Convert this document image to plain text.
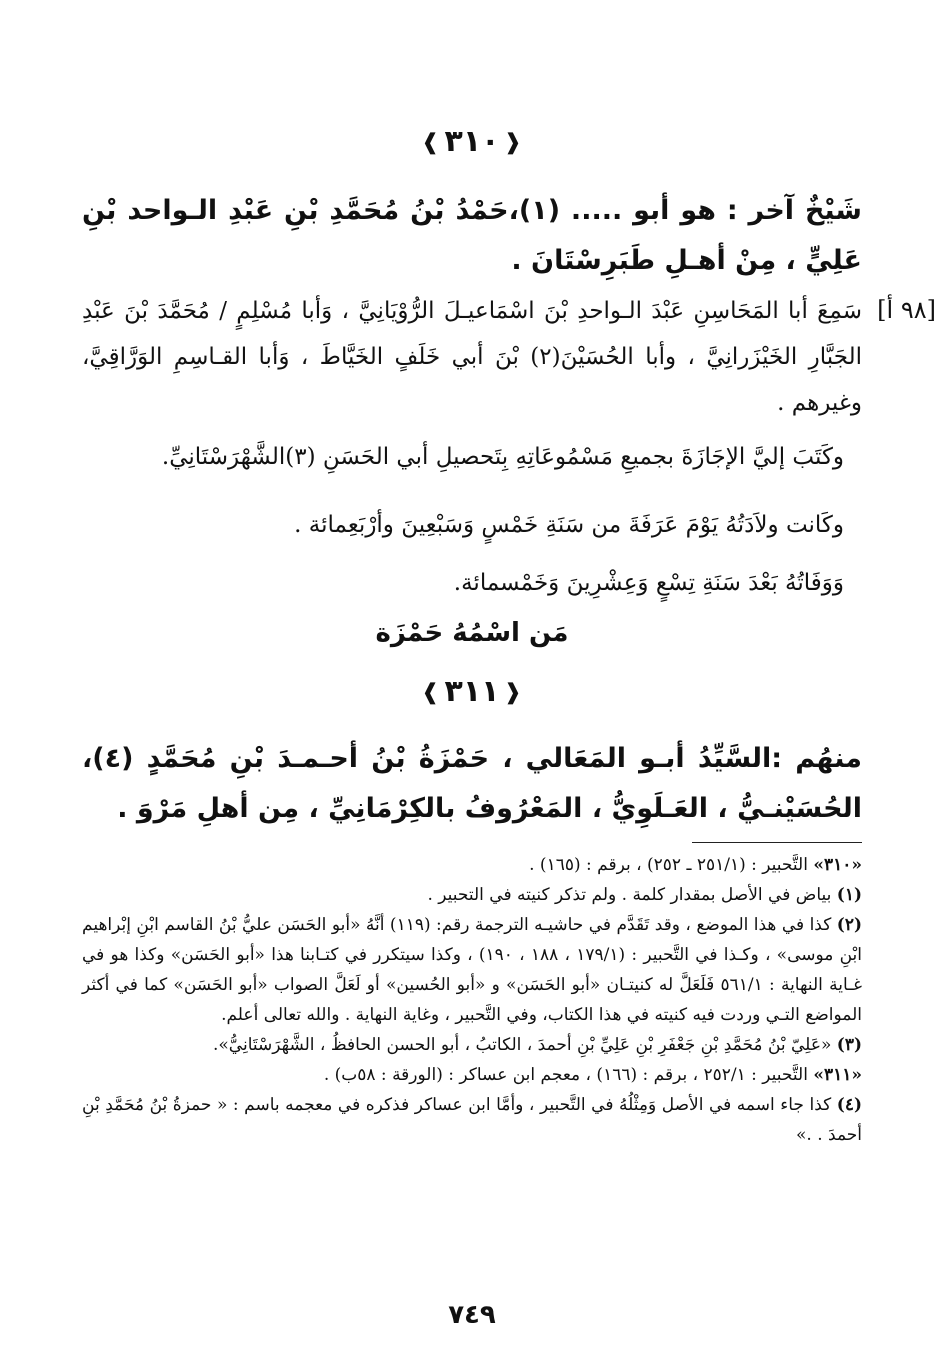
❰٣١٠❱
شَيْخٌ آخر : هو أبو ..... (١)،حَمْدُ بْنُ مُحَمَّدِ بْنِ عَبْدِ الـواحد بْنِ عَلِيٍّ ، مِنْ أهـلِ طَبَرِسْتَانَ .
[٩٨ أ]
سَمِعَ أبا المَحَاسِنِ عَبْدَ الـواحدِ بْنَ اسْمَاعيـلَ الرُّوْيَانِيَّ ، وَأبا مُسْلِمٍ / مُحَمَّدَ بْنَ عَبْدِ الجَبَّارِ الخَيْزَرانِيَّ ، وأبا الحُسَيْنَ(٢) بْنَ أبي خَلَفٍ الخَيَّاطَ ، وَأبا القـاسِمِ الوَرَّاقِيَّ، وغيرهم .
وكَتَبَ إليَّ الإجَازَةَ بجميعِ مَسْمُوعَاتِهِ بِتَحصيلِ أبي الحَسَنِ (٣)الشَّهْرَسْتَانِيِّ.
وكَانت ولاَدَتُهُ يَوْمَ عَرَفَةَ من سَنَةِ خَمْسٍ وَسَبْعِينَ وأرْبَعِمائة .
وَوَفَاتُهُ بَعْدَ سَنَةِ تِسْعٍ وَعِشْرِينَ وَخَمْسمائة.
مَن اسْمُهُ حَمْزَة
❰٣١١❱
منهُم :السَّيِّدُ أبـو المَعَالي ، حَمْزَةُ بْنُ أحـمـدَ بْنِ مُحَمَّدٍ (٤)، الحُسَيْنـيُّ ، العَـلَوِيُّ ، المَعْرُوفُ بالكِرْمَانِيِّ ، مِن أهلِ مَرْوَ .

«٣١٠» التَّحبير : (٢٥١/١ ـ ٢٥٢) ، برقم : (١٦٥) .

(١) بياض في الأصل بمقدار كلمة . ولم تذكر كنيته في التحبير .

(٢) كذا في هذا الموضع ، وقد تَقَدَّم في حاشيـه الترجمة رقم: (١١٩) أنَّهُ «أبو الحَسَن عليُّ بْنُ القاسم ابْنِ إبْراهيم ابْنِ موسى» ، وكـذا في التَّحبير : (١٧٩/١ ، ١٨٨ ، ١٩٠) ، وكذا سيتكرر في كتـابنا هذا «أبو الحَسَن» وكذا هو في غـاية النهاية : ٥٦١/١ فَلَعَلَّ له كنيتـان «أبو الحَسَن» و «أبو الحُسين» أو لَعَلَّ الصواب «أبو الحَسَن» كما في أكثر المواضع التـي وردت فيه كنيته في هذا الكتاب، وفي التَّحبير ، وغاية النهاية . والله تعالى أعلم.

(٣) «عَلِيّ بْنُ مُحَمَّدِ بْنِ جَعْفَرِ بْنِ عَلِيِّ بْنِ أحمدَ ، الكاتبُ ، أبو الحسن الحافظُ ، الشَّهْرَسْتَانِيُّ».

«٣١١» التَّحبير : ٢٥٢/١ ، برقم : (١٦٦) ، معجم ابن عساكر : (الورقة : ٥٨ب) .

(٤) كذا جاء اسمه في الأصل وَمِثْلُهُ في التَّحبير ، وأمَّا ابن عساكر فذكره في معجمه باسم : « حمزةُ بْنُ مُحَمَّدِ بْنِ أحمدَ . .»

٧٤٩
